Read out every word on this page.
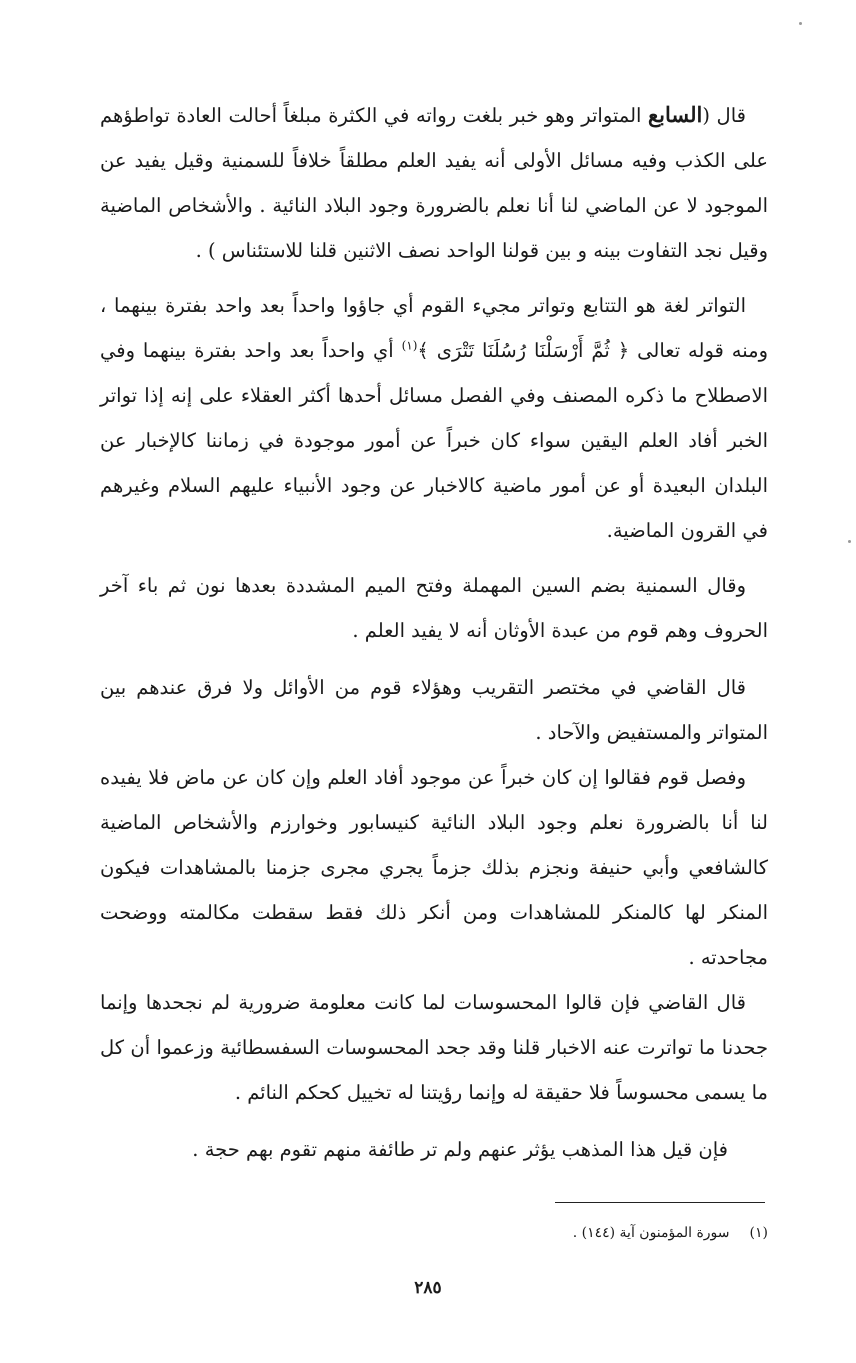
قال (السابع المتواتر وهو خبر بلغت رواته في الكثرة مبلغاً أحالت العادة تواطؤهم على الكذب وفيه مسائل الأولى أنه يفيد العلم مطلقاً خلافاً للسمنية وقيل يفيد عن الموجود لا عن الماضي لنا أنا نعلم بالضرورة وجود البلاد النائية . والأشخاص الماضية وقيل نجد التفاوت بينه و بين قولنا الواحد نصف الاثنين قلنا للاستئناس ) .

التواتر لغة هو التتابع وتواتر مجيء القوم أي جاؤوا واحداً بعد واحد بفترة بينهما ، ومنه قوله تعالى ﴿ ثُمَّ أَرْسَلْنَا رُسُلَنَا تَتْرَى ﴾$^{(١)}$ أي واحداً بعد واحد بفترة بينهما وفي الاصطلاح ما ذكره المصنف وفي الفصل مسائل أحدها أكثر العقلاء على إنه إذا تواتر الخبر أفاد العلم اليقين سواء كان خبراً عن أمور موجودة في زماننا كالإخبار عن البلدان البعيدة أو عن أمور ماضية كالاخبار عن وجود الأنبياء عليهم السلام وغيرهم في القرون الماضية.

وقال السمنية بضم السين المهملة وفتح الميم المشددة بعدها نون ثم باء آخر الحروف وهم قوم من عبدة الأوثان أنه لا يفيد العلم .

قال القاضي في مختصر التقريب وهؤلاء قوم من الأوائل ولا فرق عندهم بين المتواتر والمستفيض والآحاد .

وفصل قوم فقالوا إن كان خبراً عن موجود أفاد العلم وإن كان عن ماض فلا يفيده لنا أنا بالضرورة نعلم وجود البلاد النائية كنيسابور وخوارزم والأشخاص الماضية كالشافعي وأبي حنيفة ونجزم بذلك جزماً يجري مجرى جزمنا بالمشاهدات فيكون المنكر لها كالمنكر للمشاهدات ومن أنكر ذلك فقط سقطت مكالمته ووضحت مجاحدته .

قال القاضي فإن قالوا المحسوسات لما كانت معلومة ضرورية لم نجحدها وإنما جحدنا ما تواترت عنه الاخبار قلنا وقد جحد المحسوسات السفسطائية وزعموا أن كل ما يسمى محسوساً فلا حقيقة له وإنما رؤيتنا له تخييل كحكم النائم .

فإن قيل هذا المذهب يؤثر عنهم ولم تر طائفة منهم تقوم بهم حجة .

(١)سورة المؤمنون آية (١٤٤) .
٢٨٥
